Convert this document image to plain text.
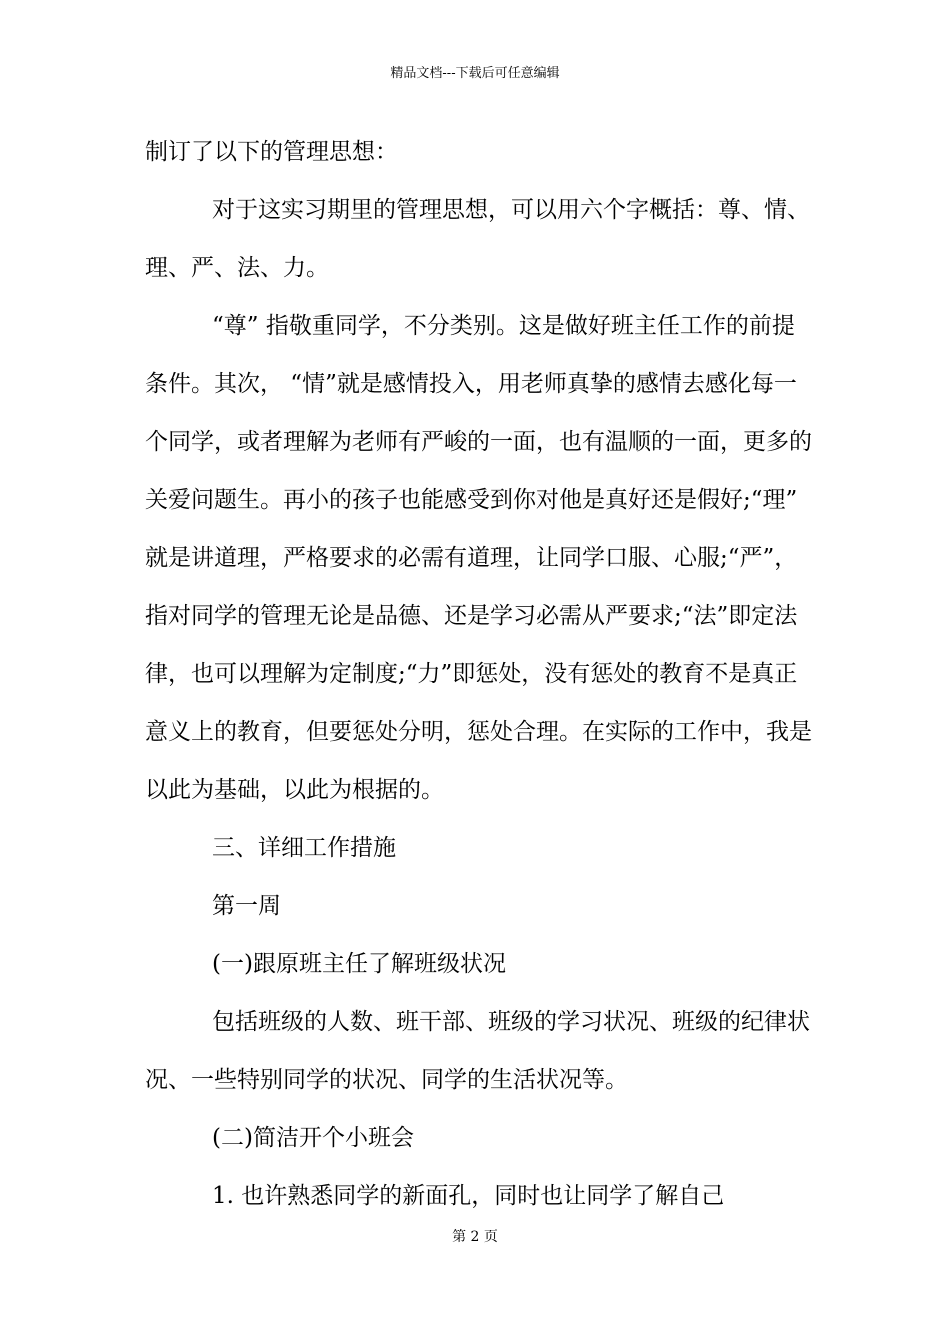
精品文档---下载后可任意编辑
制订了以下的管理思想：
对于这实习期里的管理思想，可以用六个字概括：尊、情、
理、严、法、力。
“尊” 指敬重同学，不分类别。这是做好班主任工作的前提
条件。其次， “情”就是感情投入，用老师真挚的感情去感化每一
个同学，或者理解为老师有严峻的一面，也有温顺的一面，更多的
关爱问题生。再小的孩子也能感受到你对他是真好还是假好;“理”
就是讲道理，严格要求的必需有道理，让同学口服、心服;“严”，
指对同学的管理无论是品德、还是学习必需从严要求;“法”即定法
律，也可以理解为定制度;“力”即惩处，没有惩处的教育不是真正
意义上的教育，但要惩处分明，惩处合理。在实际的工作中，我是
以此为基础，以此为根据的。
三、详细工作措施
第一周
(一)跟原班主任了解班级状况
包括班级的人数、班干部、班级的学习状况、班级的纪律状
况、一些特别同学的状况、同学的生活状况等。
(二)简洁开个小班会
1. 也许熟悉同学的新面孔，同时也让同学了解自己
第 2 页
